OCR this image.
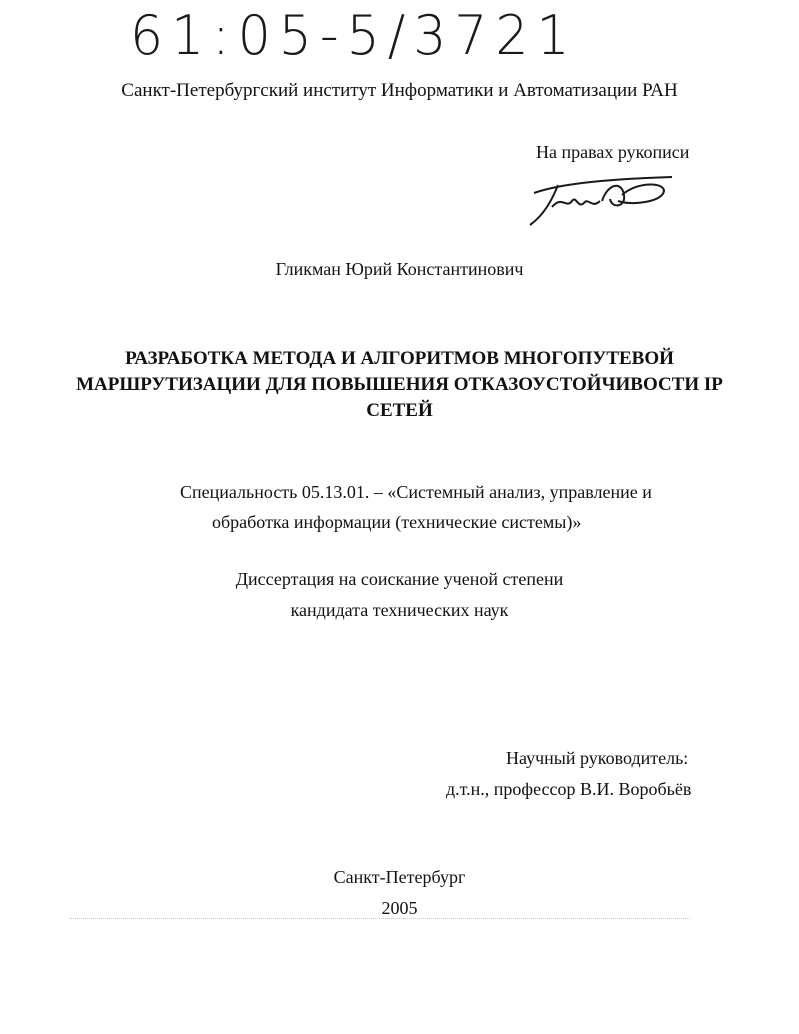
61:05-5/3721
Санкт-Петербургский институт Информатики и Автоматизации РАН
На правах рукописи
Гликман Юрий Константинович
РАЗРАБОТКА МЕТОДА И АЛГОРИТМОВ МНОГОПУТЕВОЙ
МАРШРУТИЗАЦИИ ДЛЯ ПОВЫШЕНИЯ ОТКАЗОУСТОЙЧИВОСТИ IP
СЕТЕЙ
Специальность 05.13.01. – «Системный анализ, управление и
обработка информации (технические системы)»
Диссертация на соискание ученой степени
кандидата технических наук
Научный руководитель:
д.т.н., профессор В.И. Воробьёв
Санкт-Петербург
2005
